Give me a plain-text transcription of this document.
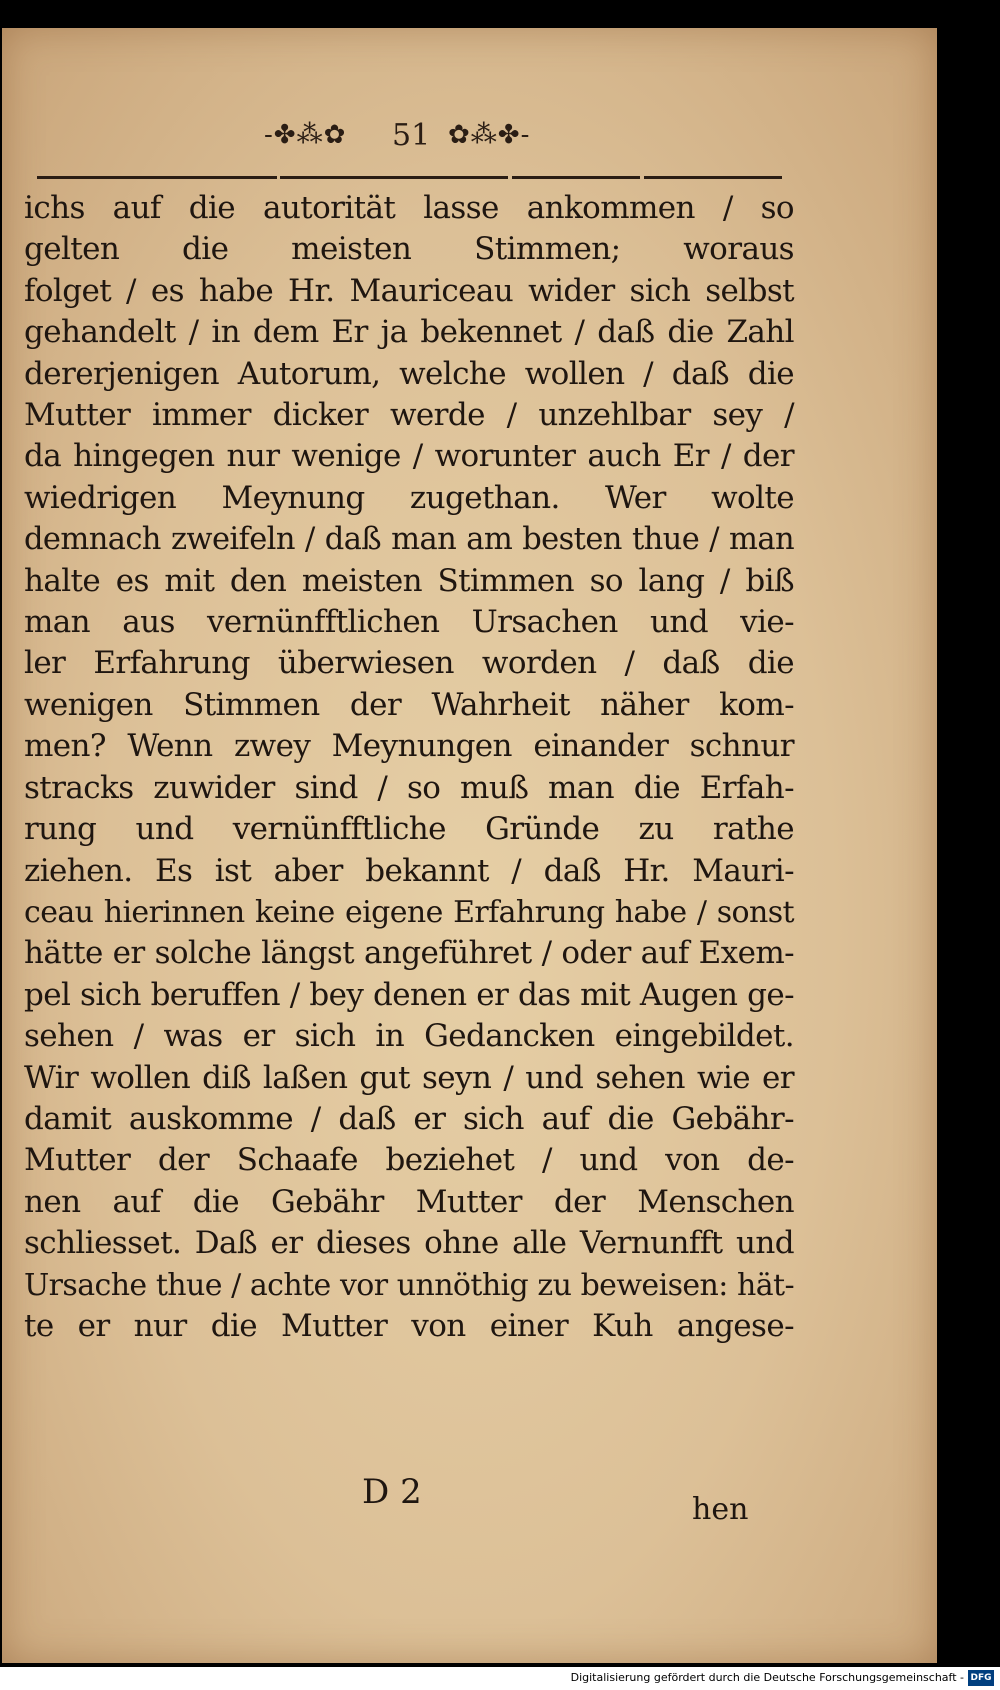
-✤⁂✿ 51 ✿⁂✤-
ichs auf die autorität lasse ankommen / so
gelten die meisten Stimmen; woraus
folget / es habe Hr. Mauriceau wider sich selbst
gehandelt / in dem Er ja bekennet / daß die Zahl
dererjenigen Autorum, welche wollen / daß die
Mutter immer dicker werde / unzehlbar sey /
da hingegen nur wenige / worunter auch Er / der
wiedrigen Meynung zugethan. Wer wolte
demnach zweifeln / daß man am besten thue / man
halte es mit den meisten Stimmen so lang / biß
man aus vernünfftlichen Ursachen und vie-
ler Erfahrung überwiesen worden / daß die
wenigen Stimmen der Wahrheit näher kom-
men? Wenn zwey Meynungen einander schnur
stracks zuwider sind / so muß man die Erfah-
rung und vernünfftliche Gründe zu rathe
ziehen. Es ist aber bekannt / daß Hr. Mauri-
ceau hierinnen keine eigene Erfahrung habe / sonst
hätte er solche längst angeführet / oder auf Exem-
pel sich beruffen / bey denen er das mit Augen ge-
sehen / was er sich in Gedancken eingebildet.
Wir wollen diß laßen gut seyn / und sehen wie er
damit auskomme / daß er sich auf die Gebähr-
Mutter der Schaafe beziehet / und von de-
nen auf die Gebähr Mutter der Menschen
schliesset. Daß er dieses ohne alle Vernunfft und
Ursache thue / achte vor unnöthig zu beweisen: hät-
te er nur die Mutter von einer Kuh angese-
D 2	hen
Digitalisierung gefördert durch die Deutsche Forschungsgemeinschaft - DFG
